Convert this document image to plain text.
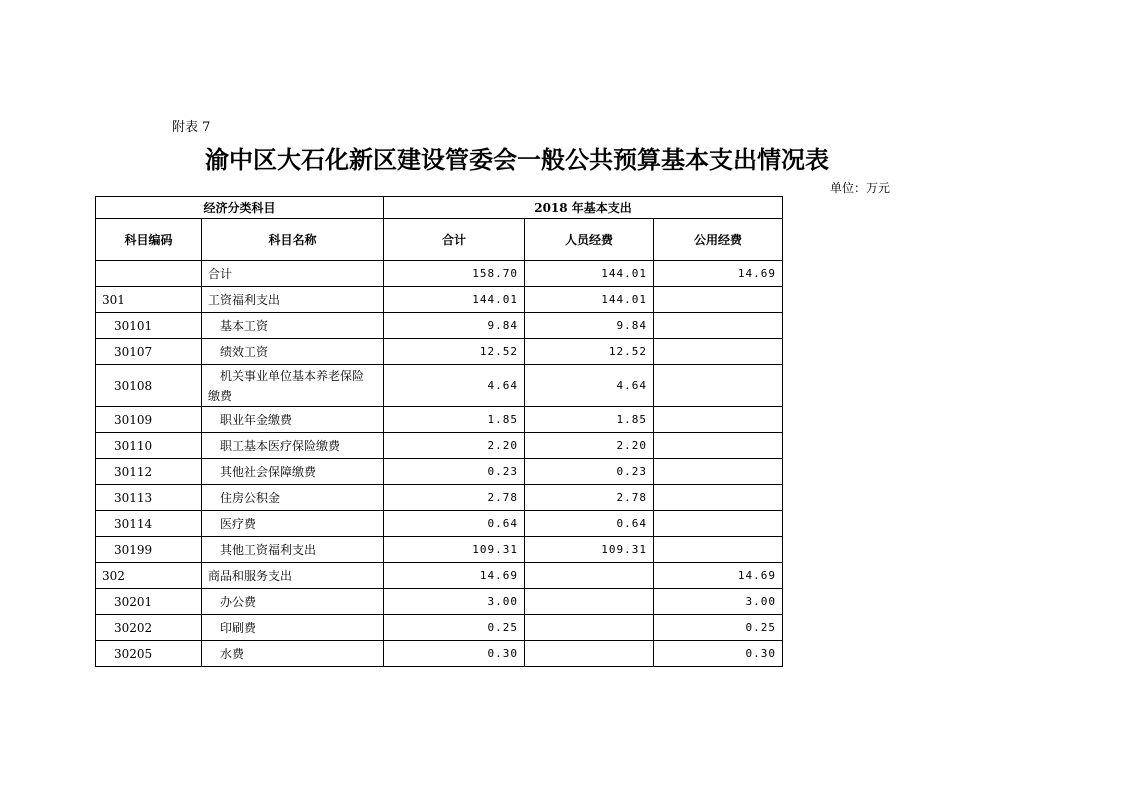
附表 7
渝中区大石化新区建设管委会一般公共预算基本支出情况表
单位：万元
经济分类科目		2018 年基本支出		
科目编码	科目名称	合计	人员经费	公用经费
	合计	158.70	144.01	14.69
301	工资福利支出	144.01	144.01	
30101	基本工资	9.84	9.84	
30107	绩效工资	12.52	12.52	
30108	机关事业单位基本养老保险
缴费	4.64	4.64	
30109	职业年金缴费	1.85	1.85	
30110	职工基本医疗保险缴费	2.20	2.20	
30112	其他社会保障缴费	0.23	0.23	
30113	住房公积金	2.78	2.78	
30114	医疗费	0.64	0.64	
30199	其他工资福利支出	109.31	109.31	
302	商品和服务支出	14.69		14.69
30201	办公费	3.00		3.00
30202	印刷费	0.25		0.25
30205	水费	0.30		0.30
